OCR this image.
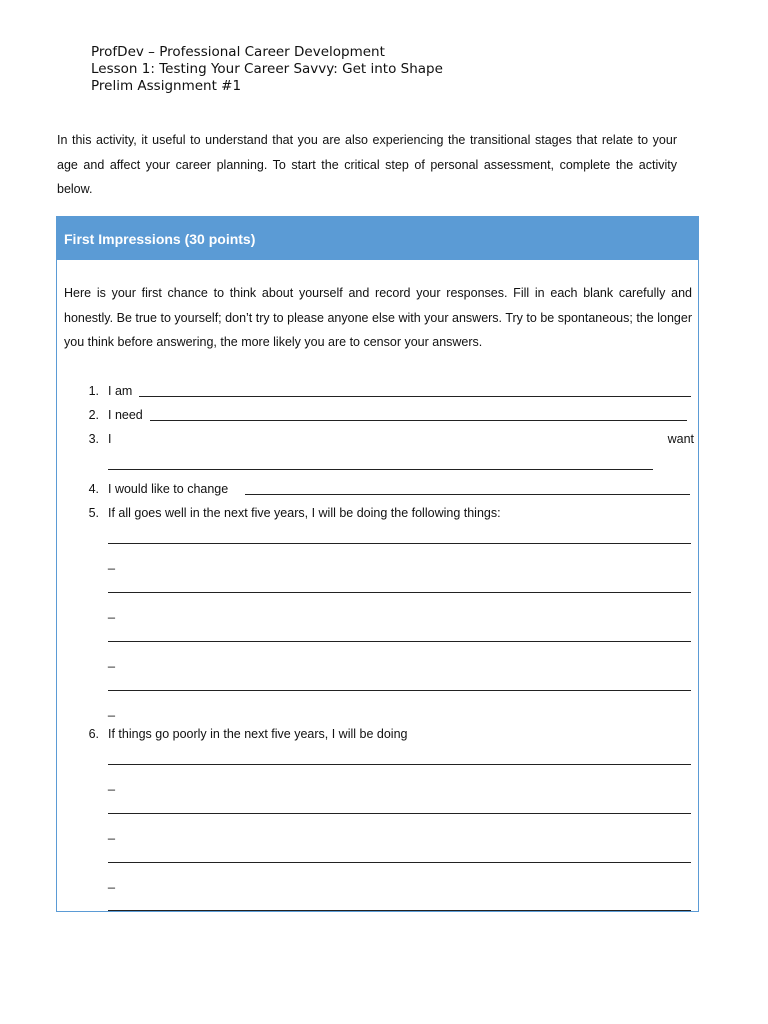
ProfDev – Professional Career Development
Lesson 1: Testing Your Career Savvy: Get into Shape
Prelim Assignment #1
In this activity, it useful to understand that you are also experiencing the transitional stages that relate to your age and affect your career planning. To start the critical step of personal assessment, complete the activity below.
First Impressions (30 points)
Here is your first chance to think about yourself and record your responses. Fill in each blank carefully and honestly. Be true to yourself; don’t try to please anyone else with your answers. Try to be spontaneous; the longer you think before answering, the more likely you are to censor your answers.
1. I am
2. I need
3. I	want
4. I would like to change
5. If all goes well in the next five years, I will be doing the following things:
_
_
_
_
6. If things go poorly in the next five years, I will be doing
_
_
_
